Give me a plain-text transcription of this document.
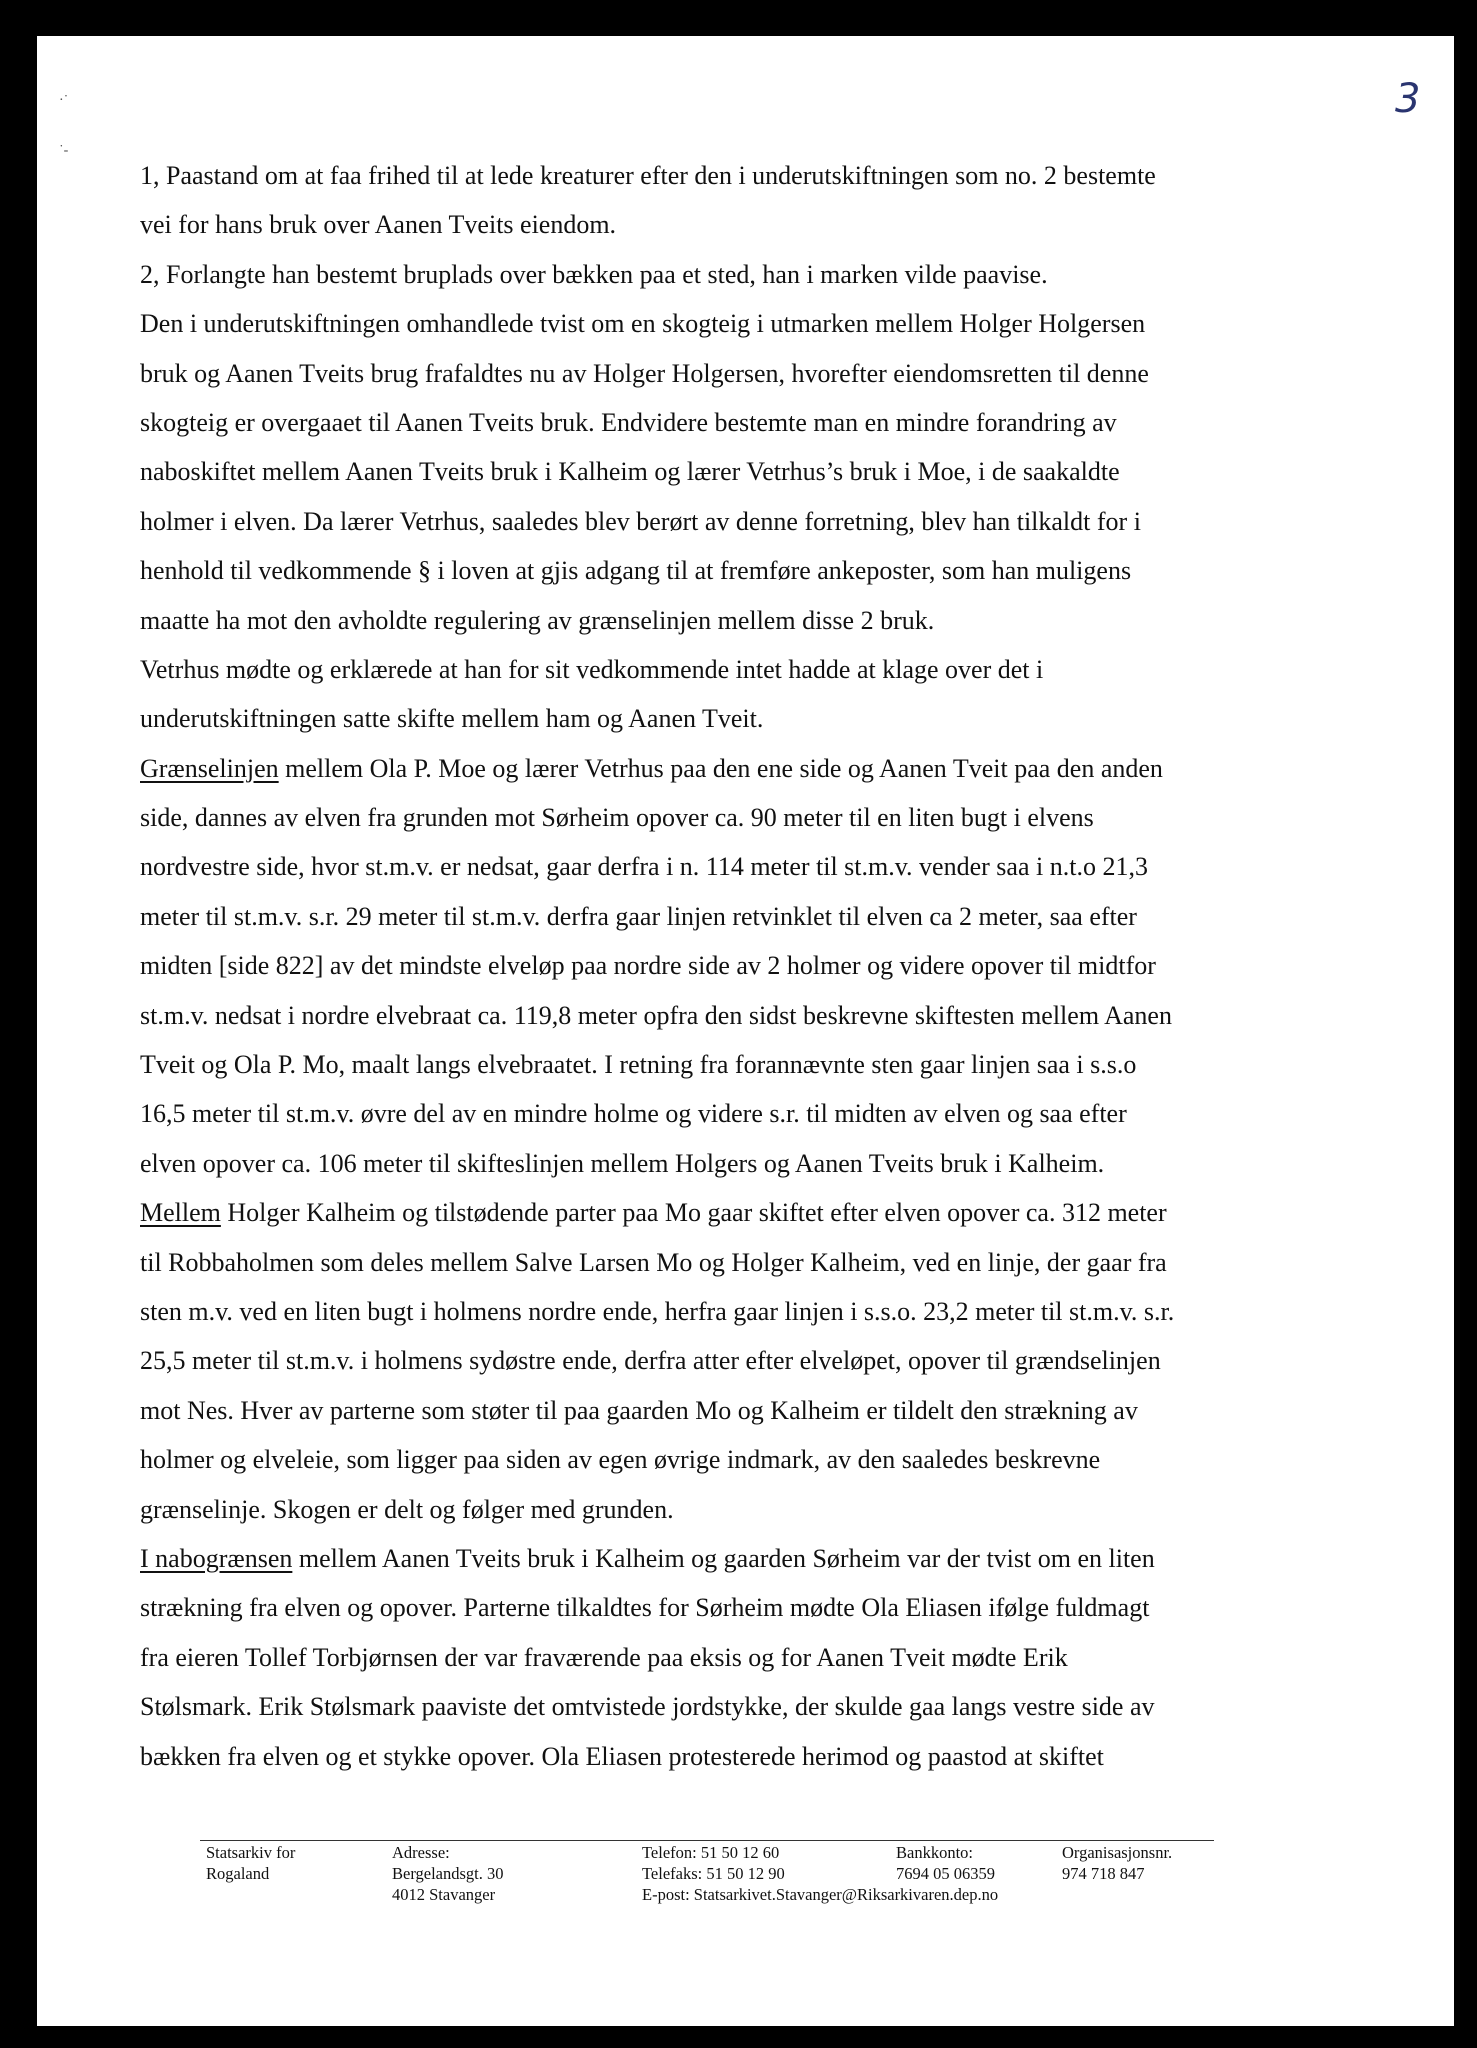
·˙
˙-
3
1, Paastand om at faa frihed til at lede kreaturer efter den i underutskiftningen som no. 2 bestemte
vei for hans bruk over Aanen Tveits eiendom.
2, Forlangte han bestemt bruplads over bækken paa et sted, han i marken vilde paavise.
Den i underutskiftningen omhandlede tvist om en skogteig i utmarken mellem Holger Holgersen
bruk og Aanen Tveits brug frafaldtes nu av Holger Holgersen, hvorefter eiendomsretten til denne
skogteig er overgaaet til Aanen Tveits bruk. Endvidere bestemte man en mindre forandring av
naboskiftet mellem Aanen Tveits bruk i Kalheim og lærer Vetrhus’s bruk i Moe, i de saakaldte
holmer i elven. Da lærer Vetrhus, saaledes blev berørt av denne forretning, blev han tilkaldt for i
henhold til vedkommende § i loven at gjis adgang til at fremføre ankeposter, som han muligens
maatte ha mot den avholdte regulering av grænselinjen mellem disse 2 bruk.
Vetrhus mødte og erklærede at han for sit vedkommende intet hadde at klage over det i
underutskiftningen satte skifte mellem ham og Aanen Tveit.
Grænselinjen mellem Ola P. Moe og lærer Vetrhus paa den ene side og Aanen Tveit paa den anden
side, dannes av elven fra grunden mot Sørheim opover ca. 90 meter til en liten bugt i elvens
nordvestre side, hvor st.m.v. er nedsat, gaar derfra i n. 114 meter til st.m.v. vender saa i n.t.o 21,3
meter til st.m.v. s.r. 29 meter til st.m.v. derfra gaar linjen retvinklet til elven ca 2 meter, saa efter
midten [side 822] av det mindste elveløp paa nordre side av 2 holmer og videre opover til midtfor
st.m.v. nedsat i nordre elvebraat ca. 119,8 meter opfra den sidst beskrevne skiftesten mellem Aanen
Tveit og Ola P. Mo, maalt langs elvebraatet. I retning fra forannævnte sten gaar linjen saa i s.s.o
16,5 meter til st.m.v. øvre del av en mindre holme og videre s.r. til midten av elven og saa efter
elven opover ca. 106 meter til skifteslinjen mellem Holgers og Aanen Tveits bruk i Kalheim.
Mellem Holger Kalheim og tilstødende parter paa Mo gaar skiftet efter elven opover ca. 312 meter
til Robbaholmen som deles mellem Salve Larsen Mo og Holger Kalheim, ved en linje, der gaar fra
sten m.v. ved en liten bugt i holmens nordre ende, herfra gaar linjen i s.s.o. 23,2 meter til st.m.v. s.r.
25,5 meter til st.m.v. i holmens sydøstre ende, derfra atter efter elveløpet, opover til grændselinjen
mot Nes. Hver av parterne som støter til paa gaarden Mo og Kalheim er tildelt den strækning av
holmer og elveleie, som ligger paa siden av egen øvrige indmark, av den saaledes beskrevne
grænselinje. Skogen er delt og følger med grunden.
I nabogrænsen mellem Aanen Tveits bruk i Kalheim og gaarden Sørheim var der tvist om en liten
strækning fra elven og opover. Parterne tilkaldtes for Sørheim mødte Ola Eliasen ifølge fuldmagt
fra eieren Tollef Torbjørnsen der var fraværende paa eksis og for Aanen Tveit mødte Erik
Stølsmark. Erik Stølsmark paaviste det omtvistede jordstykke, der skulde gaa langs vestre side av
bækken fra elven og et stykke opover. Ola Eliasen protesterede herimod og paastod at skiftet
Statsarkiv for
Rogaland
Adresse:
Bergelandsgt. 30
4012 Stavanger
Telefon: 51 50 12 60
Telefaks: 51 50 12 90
E-post: Statsarkivet.Stavanger@Riksarkivaren.dep.no
Bankkonto:
7694 05 06359
Organisasjonsnr.
974 718 847
